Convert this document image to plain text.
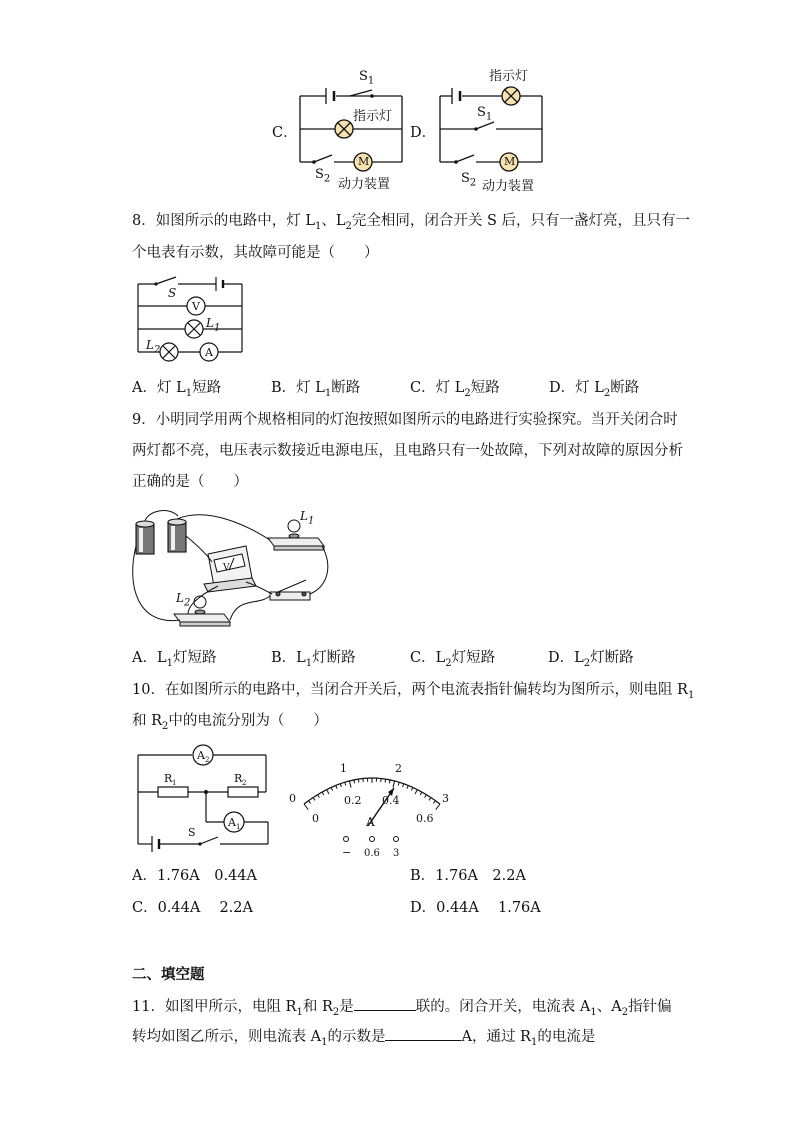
C．
$S_1$
指示灯
M
$S_2$ 动力装置
D．
指示灯
$S_1$
M
$S_2$ 动力装置
8．如图所示的电路中，灯 $L_1$、$L_2$完全相同，闭合开关 S 后，只有一盏灯亮，且只有一
个电表有示数，其故障可能是（　　）
V
A
S
$L_1$
$L_2$
A．灯 $L_1$短路	B．灯 $L_1$断路	C．灯 $L_2$短路	D．灯 $L_2$断路
9．小明同学用两个规格相同的灯泡按照如图所示的电路进行实验探究。当开关闭合时
两灯都不亮，电压表示数接近电源电压，且电路只有一处故障，下列对故障的原因分析
正确的是（　　）
V
$L_1$
$L_2$
A．$L_1$灯短路	B．$L_1$灯断路	C．$L_2$灯短路	D．$L_2$灯断路
10．在如图所示的电路中，当闭合开关后，两个电流表指针偏转均为图所示，则电阻 $R_1$
和 $R_2$中的电流分别为（　　）
A 2
A 1
R 1	R 2
S
0
1	2
3
0
0.2 0.4
0.6
A
− 0.6 3
A．1.76A　0.44A	B．1.76A　2.2A
C．0.44A　 2.2A	D．0.44A　 1.76A
二、填空题
11．如图甲所示，电阻 $R_1$和 $R_2$是	联的。闭合开关，电流表 $A_1$、$A_2$指针偏
转均如图乙所示，则电流表 $A_1$的示数是	A，通过 $R_1$的电流是
